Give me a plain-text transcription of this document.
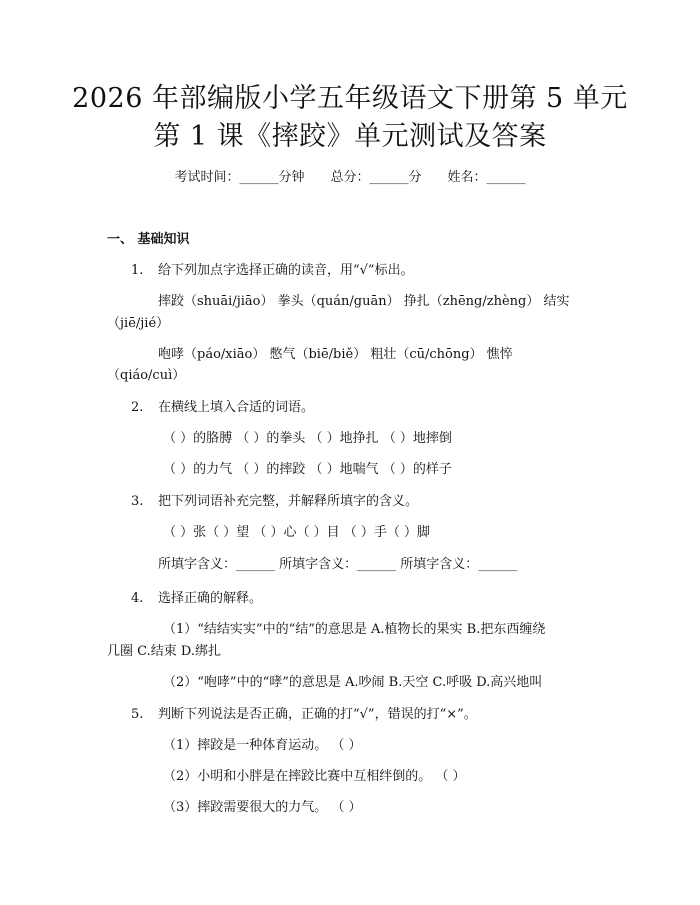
2026 年部编版小学五年级语文下册第 5 单元
第 1 课《摔跤》单元测试及答案
考试时间：______分钟 总分：______分 姓名：______
一、 基础知识
1. 给下列加点字选择正确的读音，用“√”标出。
摔跤（shuāi/jiāo） 拳头（quán/guān） 挣扎（zhēng/zhèng） 结实
（jiē/jié）
咆哮（páo/xiāo） 憋气（biē/biě） 粗壮（cū/chōng） 憔悴
（qiáo/cuì）
2. 在横线上填入合适的词语。
（ ）的胳膊 （ ）的拳头 （ ）地挣扎 （ ）地摔倒
（ ）的力气 （ ）的摔跤 （ ）地喘气 （ ）的样子
3. 把下列词语补充完整，并解释所填字的含义。
（ ）张（ ）望 （ ）心（ ）目 （ ）手（ ）脚
所填字含义：______ 所填字含义：______ 所填字含义：______
4. 选择正确的解释。
（1）“结结实实”中的“结”的意思是 A.植物长的果实 B.把东西缠绕
几圈 C.结束 D.绑扎
（2）“咆哮”中的“哮”的意思是 A.吵闹 B.天空 C.呼吸 D.高兴地叫
5. 判断下列说法是否正确，正确的打“√”，错误的打“×”。
（1）摔跤是一种体育运动。 （ ）
（2）小明和小胖是在摔跤比赛中互相绊倒的。 （ ）
（3）摔跤需要很大的力气。 （ ）
